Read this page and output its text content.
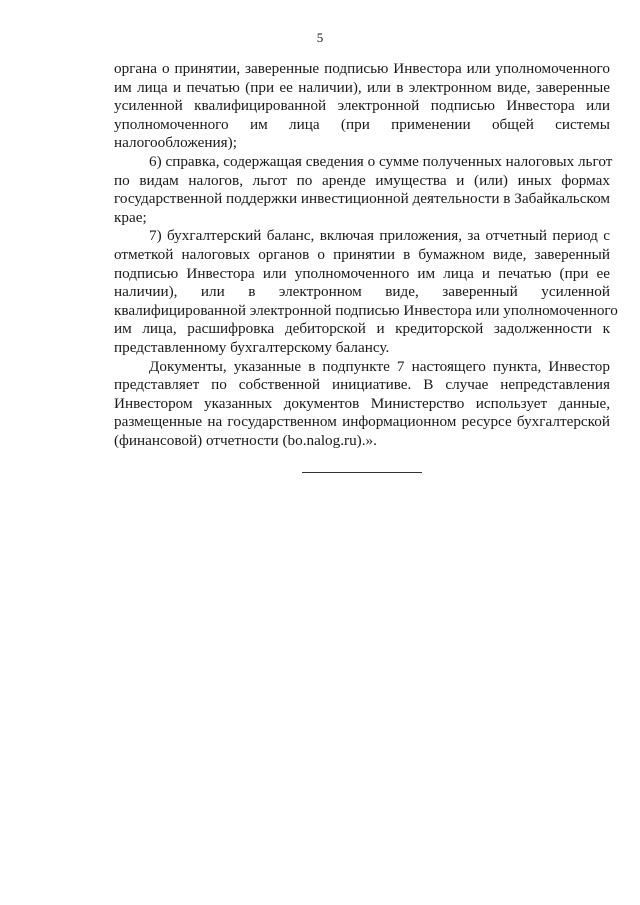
5
органа о принятии, заверенные подписью Инвестора или уполномоченного
им лица и печатью (при ее наличии), или в электронном виде, заверенные
усиленной квалифицированной электронной подписью Инвестора или
уполномоченного им лица (при применении общей системы
налогообложения);
6) справка, содержащая сведения о сумме полученных налоговых льгот
по видам налогов, льгот по аренде имущества и (или) иных формах
государственной поддержки инвестиционной деятельности в Забайкальском
крае;
7) бухгалтерский баланс, включая приложения, за отчетный период с
отметкой налоговых органов о принятии в бумажном виде, заверенный
подписью Инвестора или уполномоченного им лица и печатью (при ее
наличии), или в электронном виде, заверенный усиленной
квалифицированной электронной подписью Инвестора или уполномоченного
им лица, расшифровка дебиторской и кредиторской задолженности к
представленному бухгалтерскому балансу.
Документы, указанные в подпункте 7 настоящего пункта, Инвестор
представляет по собственной инициативе. В случае непредставления
Инвестором указанных документов Министерство использует данные,
размещенные на государственном информационном ресурсе бухгалтерской
(финансовой) отчетности (bo.nalog.ru).».
